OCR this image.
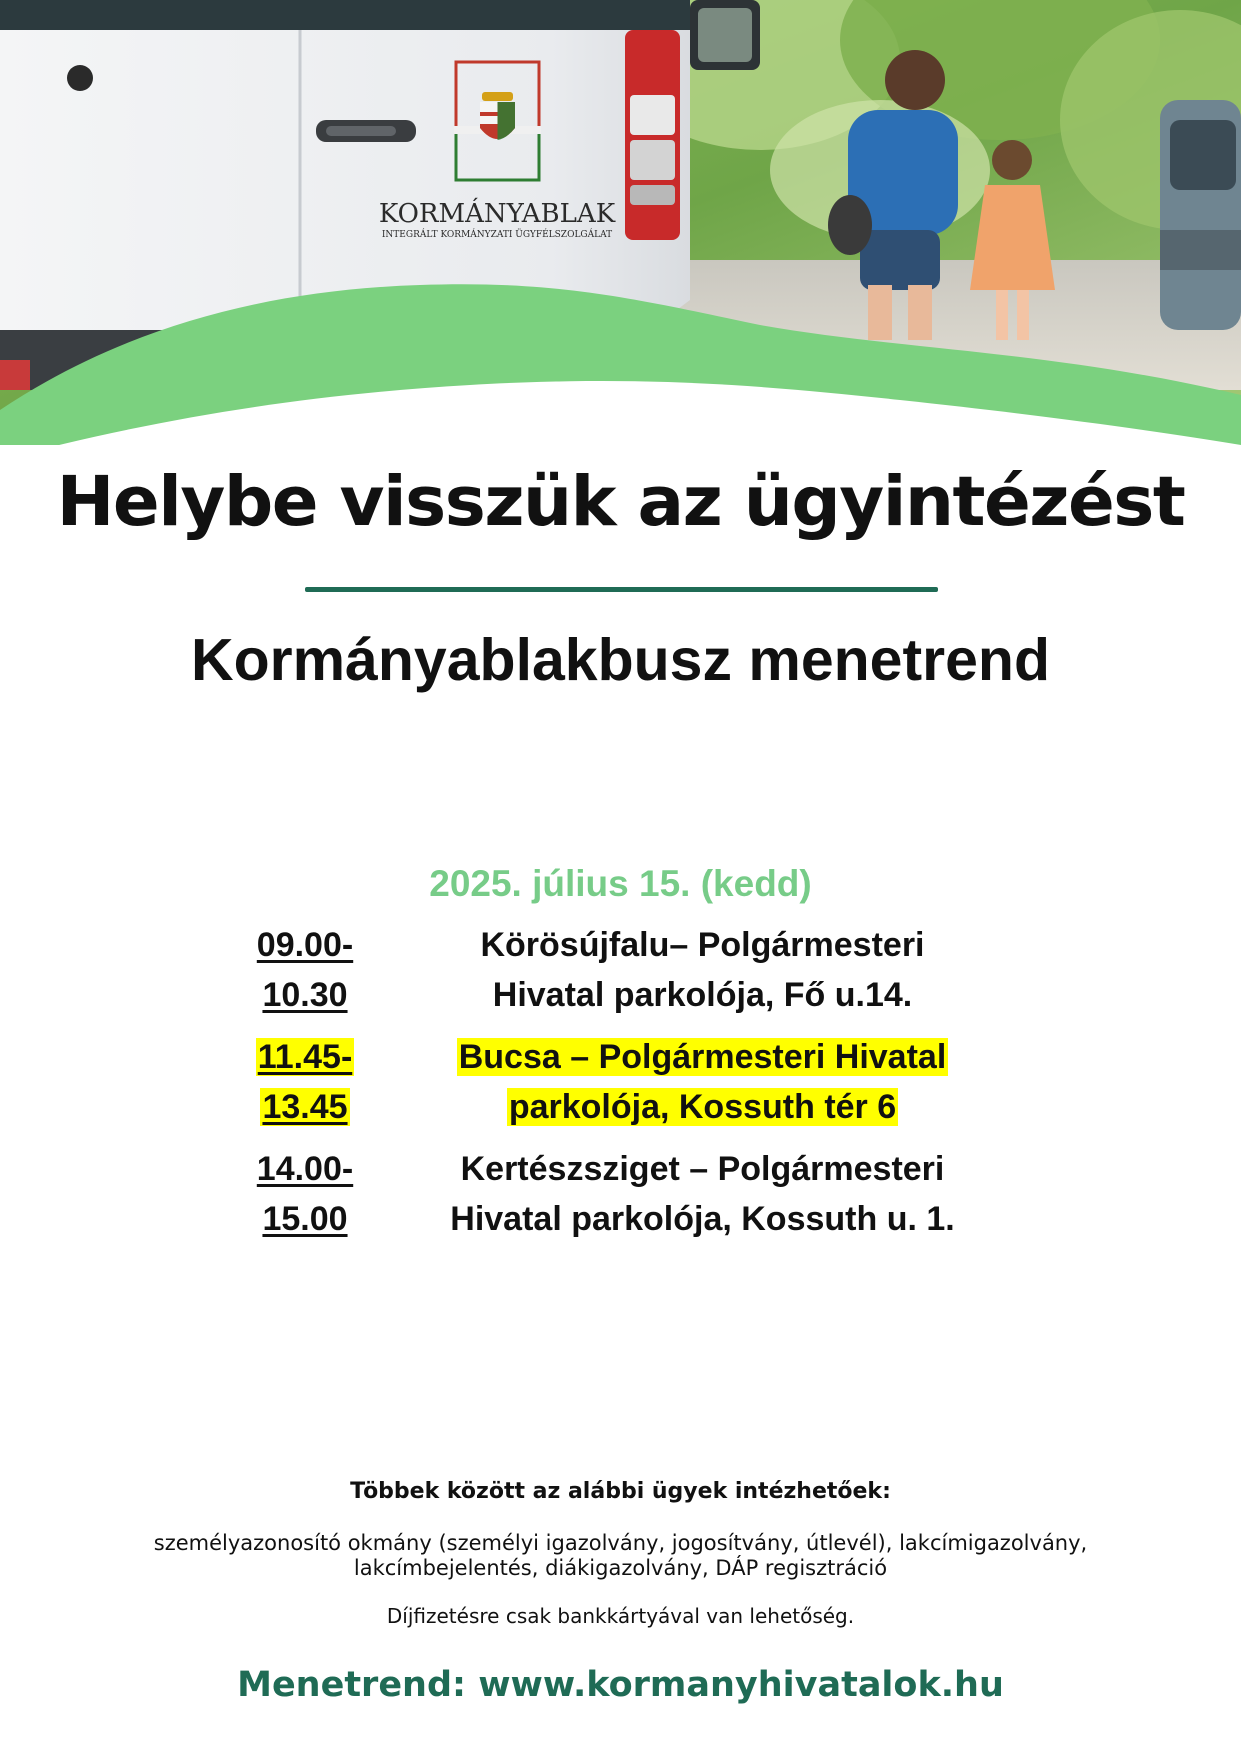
KORMÁNYABLAK
INTEGRÁLT KORMÁNYZATI ÜGYFÉLSZOLGÁLAT
Helybe visszük az ügyintézést
Kormányablakbusz menetrend
2025. július 15. (kedd)
09.00-
10.30
Körösújfalu– Polgármesteri
Hivatal parkolója, Fő u.14.
11.45-
13.45
Bucsa – Polgármesteri Hivatal
parkolója, Kossuth tér 6
14.00-
15.00
Kertészsziget – Polgármesteri
Hivatal parkolója, Kossuth u. 1.
Többek között az alábbi ügyek intézhetőek:
személyazonosító okmány (személyi igazolvány, jogosítvány, útlevél), lakcímigazolvány,
lakcímbejelentés, diákigazolvány, DÁP regisztráció
Díjfizetésre csak bankkártyával van lehetőség.
Menetrend: www.kormanyhivatalok.hu
